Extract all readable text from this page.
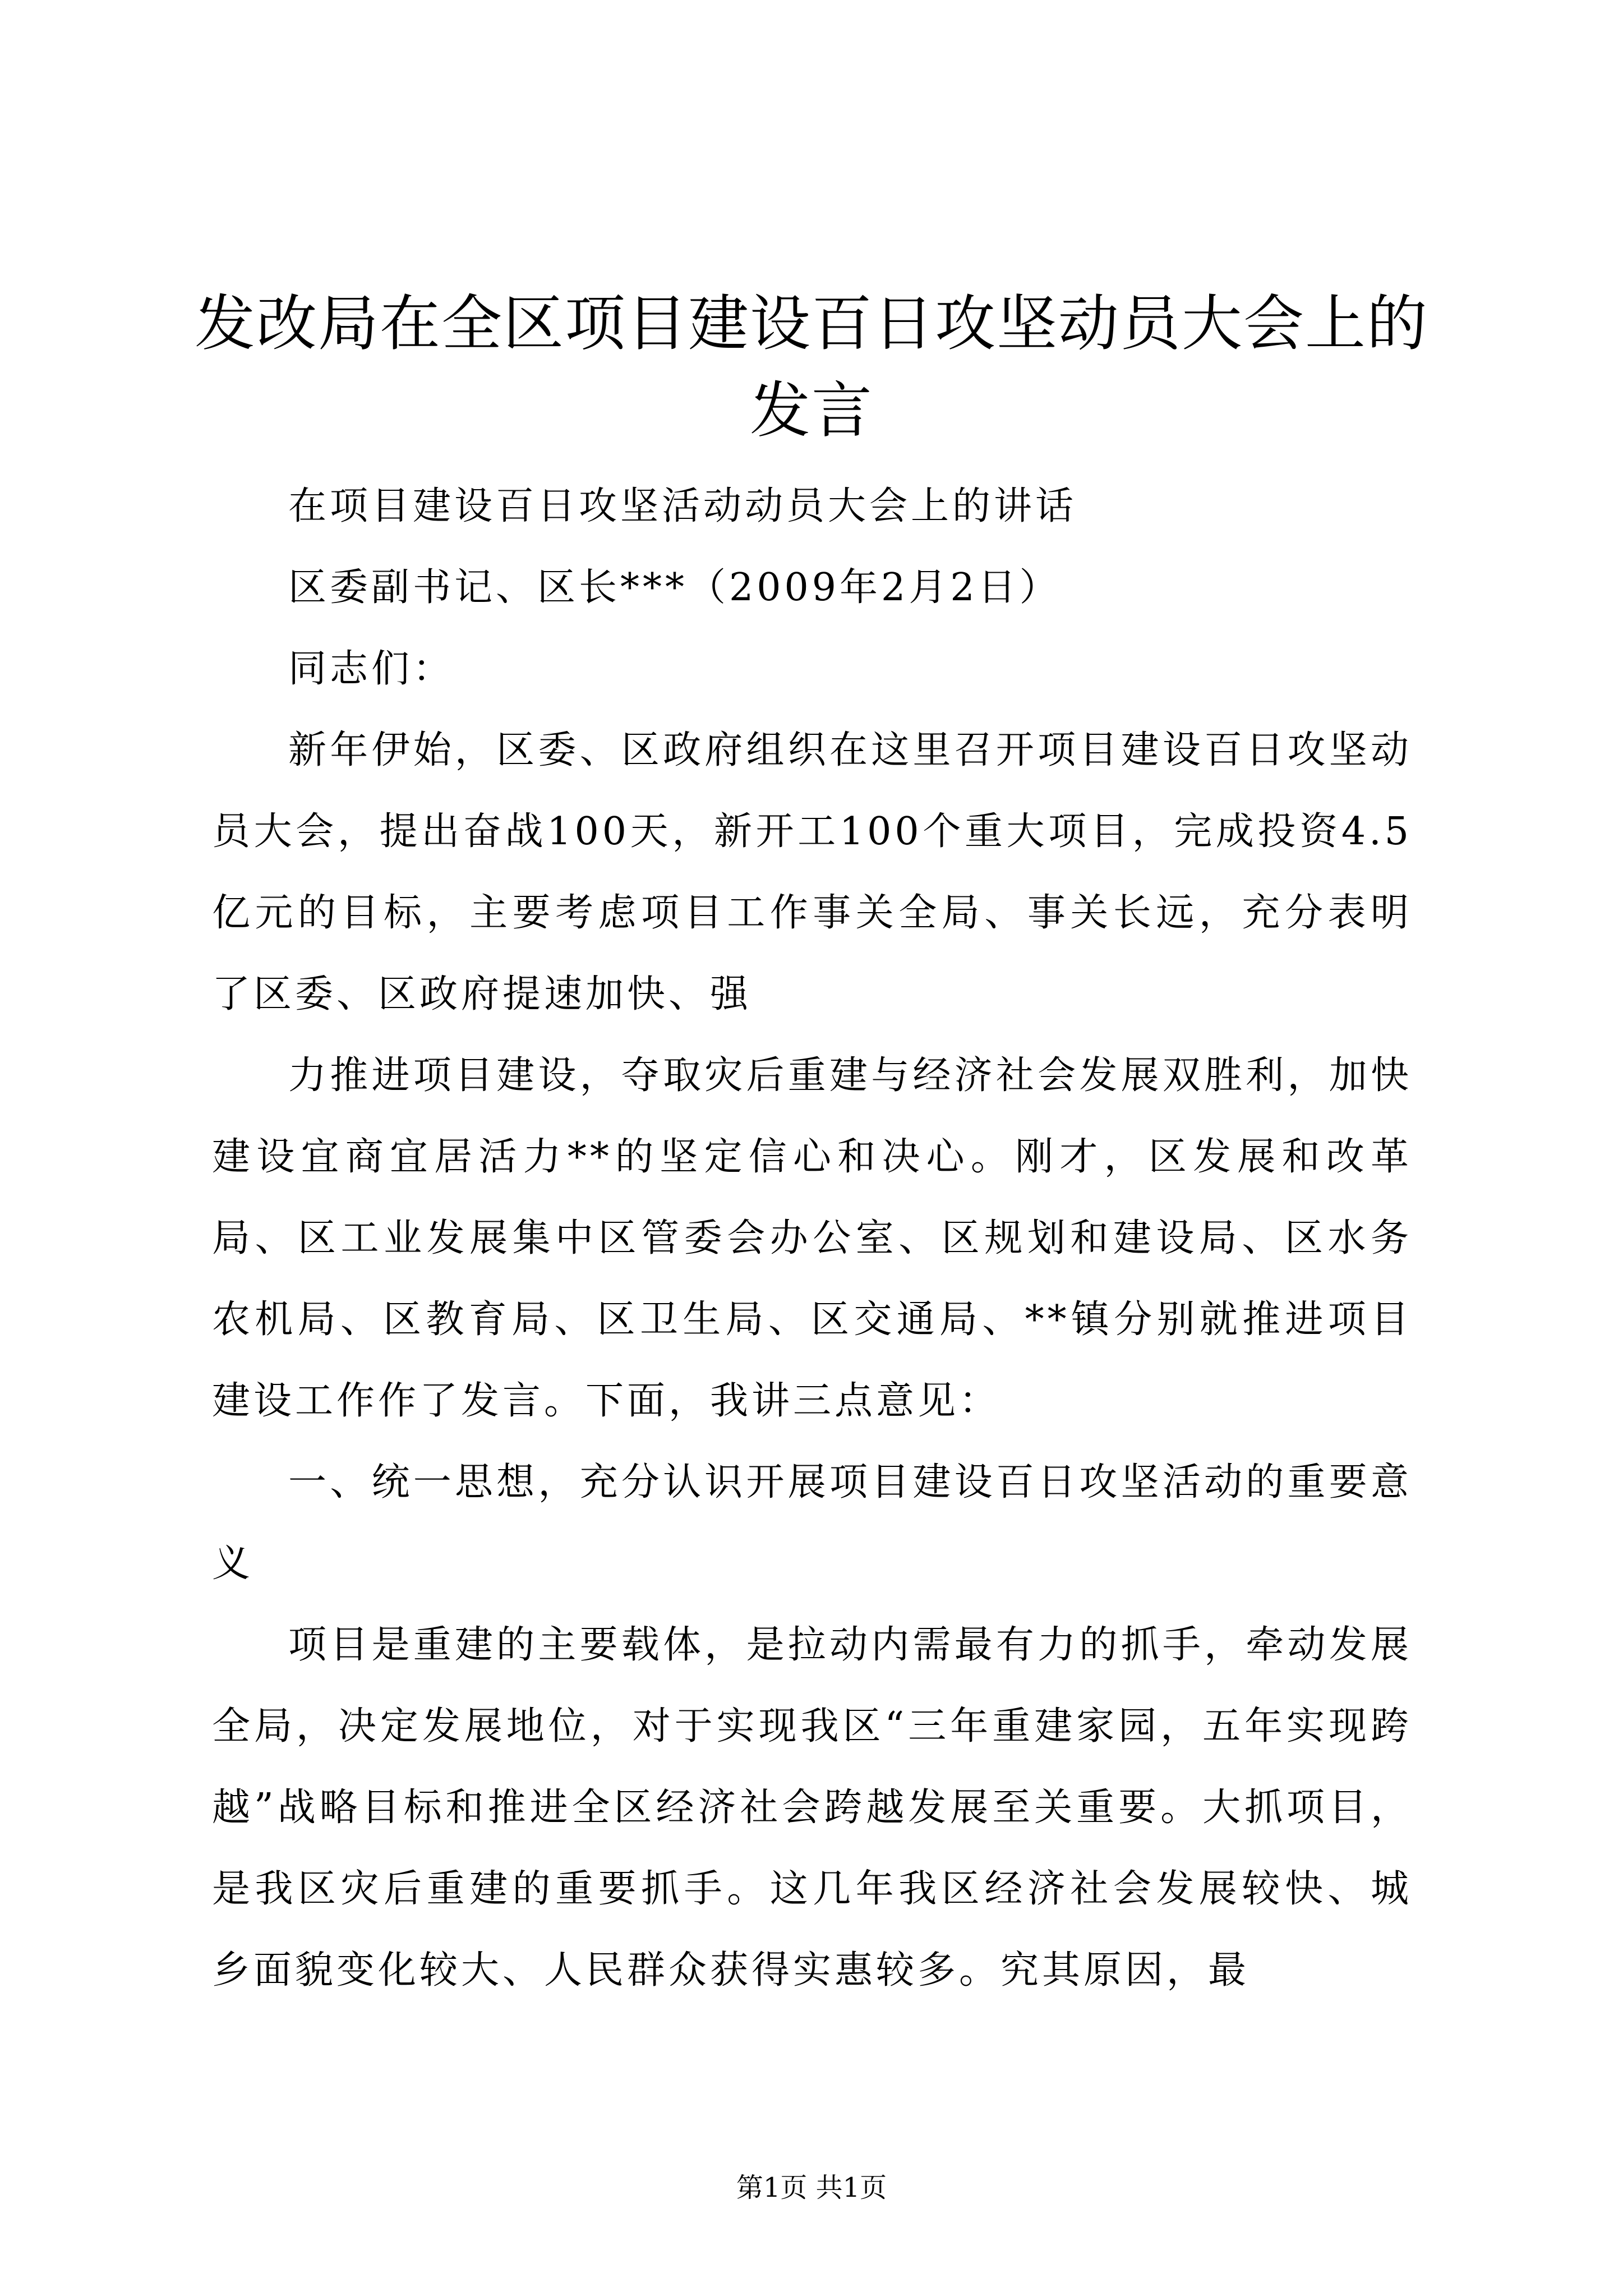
发改局在全区项目建设百日攻坚动员大会上的
发言

在项目建设百日攻坚活动动员大会上的讲话

区委副书记、区长***（2009年2月2日）

同志们：

新年伊始，区委、区政府组织在这里召开项目建设百日攻坚动员大会，提出奋战100天，新开工100个重大项目，完成投资4.5亿元的目标，主要考虑项目工作事关全局、事关长远，充分表明了区委、区政府提速加快、强

力推进项目建设，夺取灾后重建与经济社会发展双胜利，加快建设宜商宜居活力**的坚定信心和决心。刚才，区发展和改革局、区工业发展集中区管委会办公室、区规划和建设局、区水务农机局、区教育局、区卫生局、区交通局、**镇分别就推进项目建设工作作了发言。下面，我讲三点意见：

一、统一思想，充分认识开展项目建设百日攻坚活动的重要意义

项目是重建的主要载体，是拉动内需最有力的抓手，牵动发展全局，决定发展地位，对于实现我区“三年重建家园，五年实现跨越”战略目标和推进全区经济社会跨越发展至关重要。大抓项目，是我区灾后重建的重要抓手。这几年我区经济社会发展较快、城乡面貌变化较大、人民群众获得实惠较多。究其原因，最

第1页 共1页
